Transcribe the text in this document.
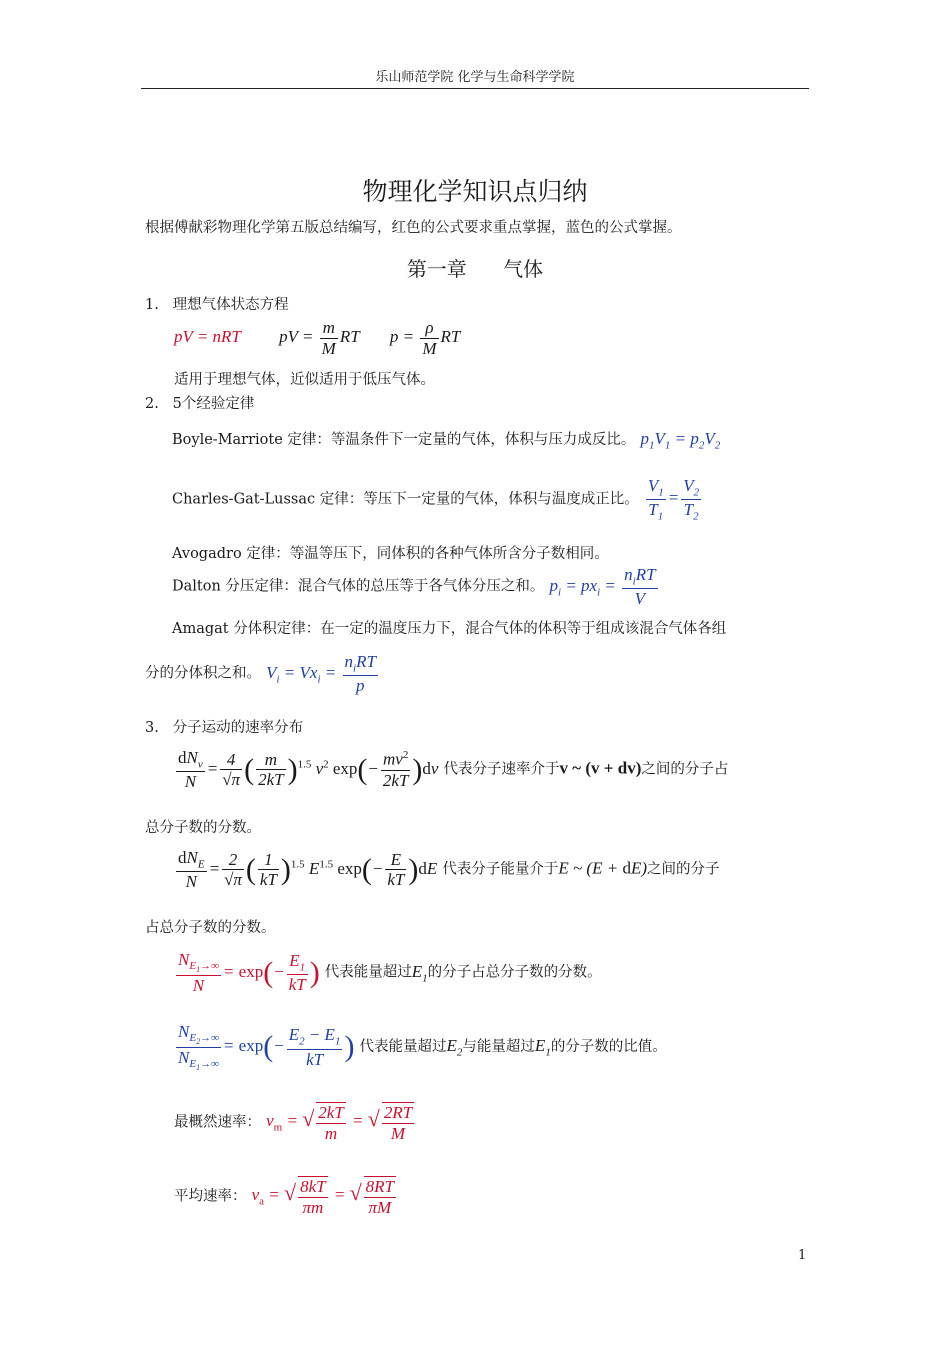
乐山师范学院 化学与生命科学学院
物理化学知识点归纳
根据傅献彩物理化学第五版总结编写，红色的公式要求重点掌握，蓝色的公式掌握。
第一章 气体
1. 理想气体状态方程
pV = nRT pV = $\frac{m}{M}$ RT $p = \frac{\rho}{M}$ RT
适用于理想气体，近似适用于低压气体。
2. 5个经验定律
Boyle-Marriote 定律：等温条件下一定量的气体，体积与压力成反比。 $p_1V_1 = p_2V_2$
Charles-Gat-Lussac 定律：等压下一定量的气体，体积与温度成正比。 $\frac{V_1}{T_1} = \frac{V_2}{T_2}$
Avogadro 定律：等温等压下，同体积的各种气体所含分子数相同。
Dalton 分压定律：混合气体的总压等于各气体分压之和。 $p_i = px_i = \frac{n_iRT}{V}$
Amagat 分体积定律：在一定的温度压力下，混合气体的体积等于组成该混合气体各组
分的分体积之和。 $V_i = Vx_i = \frac{n_iRT}{p}$
3. 分子运动的速率分布
$\frac{dN_v}{N} = \frac{4}{√\pi}$ ( $\frac{m}{2kT} )^{1.5}$ $v^2$ $\exp(- \frac{mv^2}{2kT} )dv$ 代表分子速率介于v ~ (v + dv)之间的分子占
总分子数的分数。
$\frac{dN_E}{N} = \frac{2}{√\pi}$ ( $\frac{1}{kT} )^{1.5}$ $E^{1.5}$ $\exp(- \frac{E}{kT} )dE$ 代表分子能量介于E ~ (E + dE)之间的分子
占总分子数的分数。
$\frac{N_{E_1\to\infty}}{N} = \exp(- \frac{E_1}{kT}$ ) 代表能量超过$E_1$的分子占总分子数的分数。
$\frac{N_{E_2\to\infty}}{N_{E_1\to\infty}} = \exp(- \frac{E_2 - E_1}{kT}$ ) 代表能量超过$E_2$与能量超过$E_1$的分子数的比值。
最概然速率： $v_m$ = √ $\frac{2kT}{m}$ = √ $\frac{2RT}{M}$
平均速率： $v_a$ = √ $\frac{8kT}{\pi m}$ = √ $\frac{8RT}{\pi M}$
1
